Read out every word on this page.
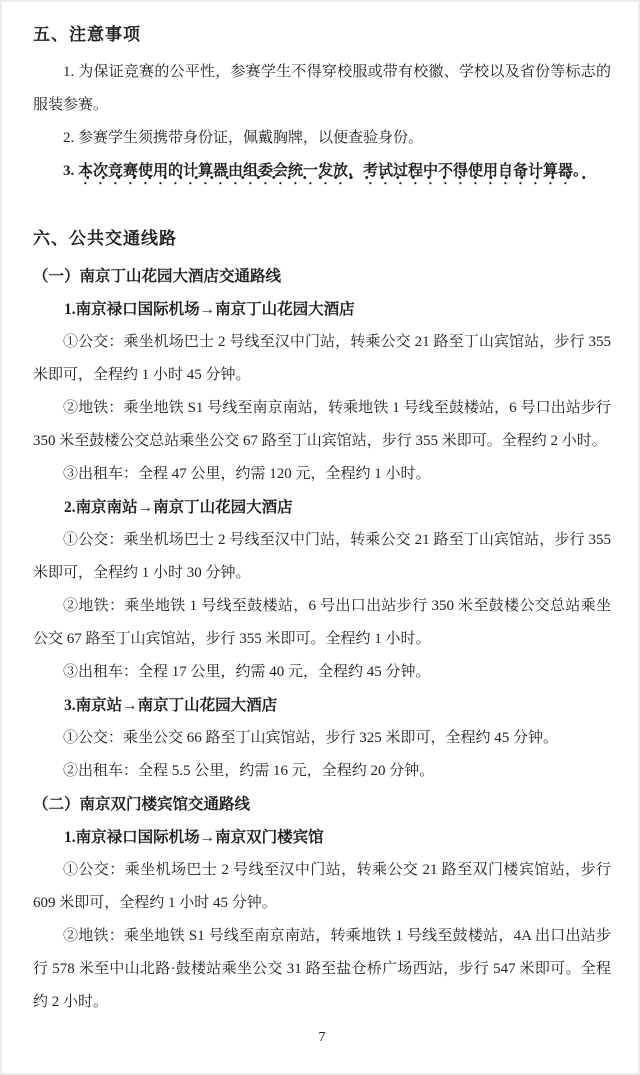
五、注意事项

1. 为保证竞赛的公平性，参赛学生不得穿校服或带有校徽、学校以及省份等标志的服装参赛。

2. 参赛学生须携带身份证，佩戴胸牌，以便查验身份。

3. 本次竞赛使用的计算器由组委会统一发放，考试过程中不得使用自备计算器。

六、公共交通线路
（一）南京丁山花园大酒店交通路线
1.南京禄口国际机场→南京丁山花园大酒店

①公交：乘坐机场巴士 2 号线至汉中门站，转乘公交 21 路至丁山宾馆站，步行 355 米即可，全程约 1 小时 45 分钟。

②地铁：乘坐地铁 S1 号线至南京南站，转乘地铁 1 号线至鼓楼站，6 号口出站步行 350 米至鼓楼公交总站乘坐公交 67 路至丁山宾馆站，步行 355 米即可。全程约 2 小时。

③出租车：全程 47 公里，约需 120 元，全程约 1 小时。

2.南京南站→南京丁山花园大酒店

①公交：乘坐机场巴士 2 号线至汉中门站，转乘公交 21 路至丁山宾馆站，步行 355 米即可，全程约 1 小时 30 分钟。

②地铁：乘坐地铁 1 号线至鼓楼站，6 号出口出站步行 350 米至鼓楼公交总站乘坐公交 67 路至丁山宾馆站，步行 355 米即可。全程约 1 小时。

③出租车：全程 17 公里，约需 40 元，全程约 45 分钟。

3.南京站→南京丁山花园大酒店

①公交：乘坐公交 66 路至丁山宾馆站，步行 325 米即可，全程约 45 分钟。

②出租车：全程 5.5 公里，约需 16 元，全程约 20 分钟。

（二）南京双门楼宾馆交通路线
1.南京禄口国际机场→南京双门楼宾馆

①公交：乘坐机场巴士 2 号线至汉中门站，转乘公交 21 路至双门楼宾馆站，步行 609 米即可，全程约 1 小时 45 分钟。

②地铁：乘坐地铁 S1 号线至南京南站，转乘地铁 1 号线至鼓楼站，4A 出口出站步行 578 米至中山北路·鼓楼站乘坐公交 31 路至盐仓桥广场西站，步行 547 米即可。全程约 2 小时。

7
